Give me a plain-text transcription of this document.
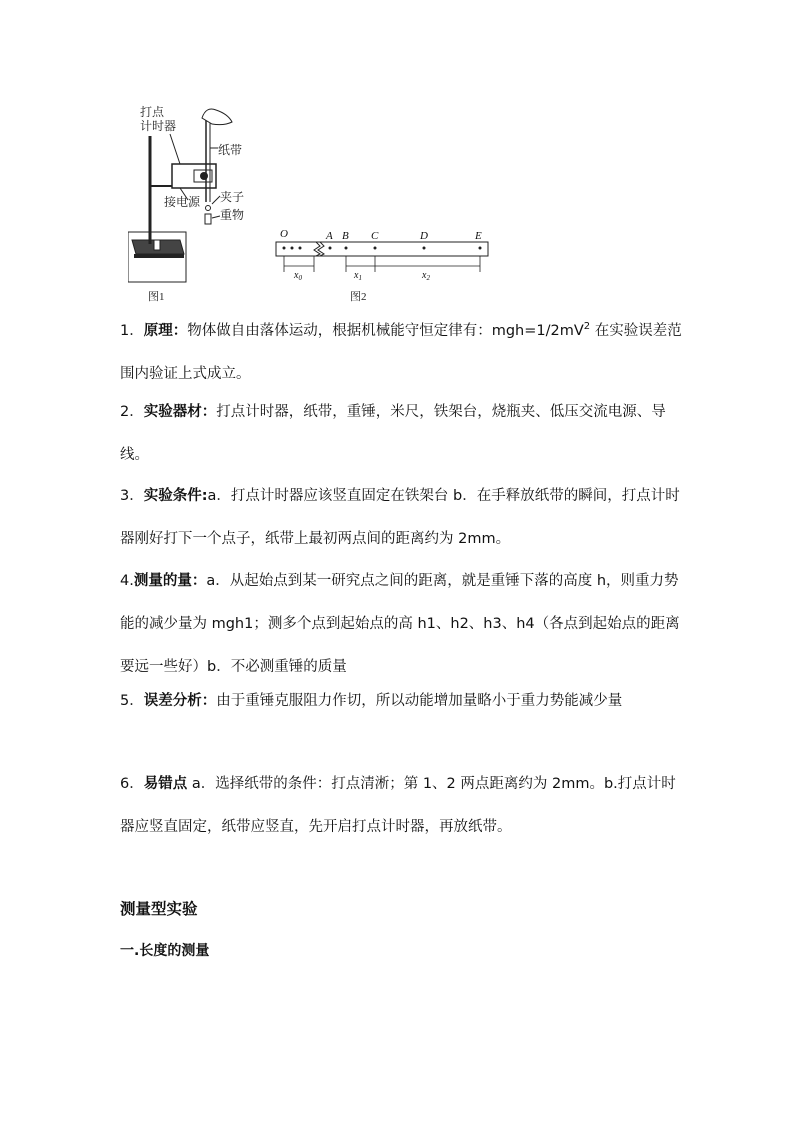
打点
计时器
纸带
夹子
接电源
重物
图1
O	A B C	D	E
$x_0$	$x_1$	$x_2$
图2
1．原理：物体做自由落体运动，根据机械能守恒定律有：$mgh=1/2mV^2$ 在实验误差范围内验证上式成立。
2．实验器材：打点计时器，纸带，重锤，米尺，铁架台，烧瓶夹、低压交流电源、导线。
3．实验条件:a．打点计时器应该竖直固定在铁架台 b．在手释放纸带的瞬间，打点计时器刚好打下一个点子，纸带上最初两点间的距离约为 2mm。
4.测量的量：a．从起始点到某一研究点之间的距离，就是重锤下落的高度 h，则重力势能的减少量为 mgh1；测多个点到起始点的高 h1、h2、h3、h4（各点到起始点的距离要远一些好）b．不必测重锤的质量
5．误差分析：由于重锤克服阻力作切，所以动能增加量略小于重力势能减少量
6．易错点 a．选择纸带的条件：打点清淅；第 1、2 两点距离约为 2mm。b.打点计时器应竖直固定，纸带应竖直，先开启打点计时器，再放纸带。
测量型实验
一.长度的测量
